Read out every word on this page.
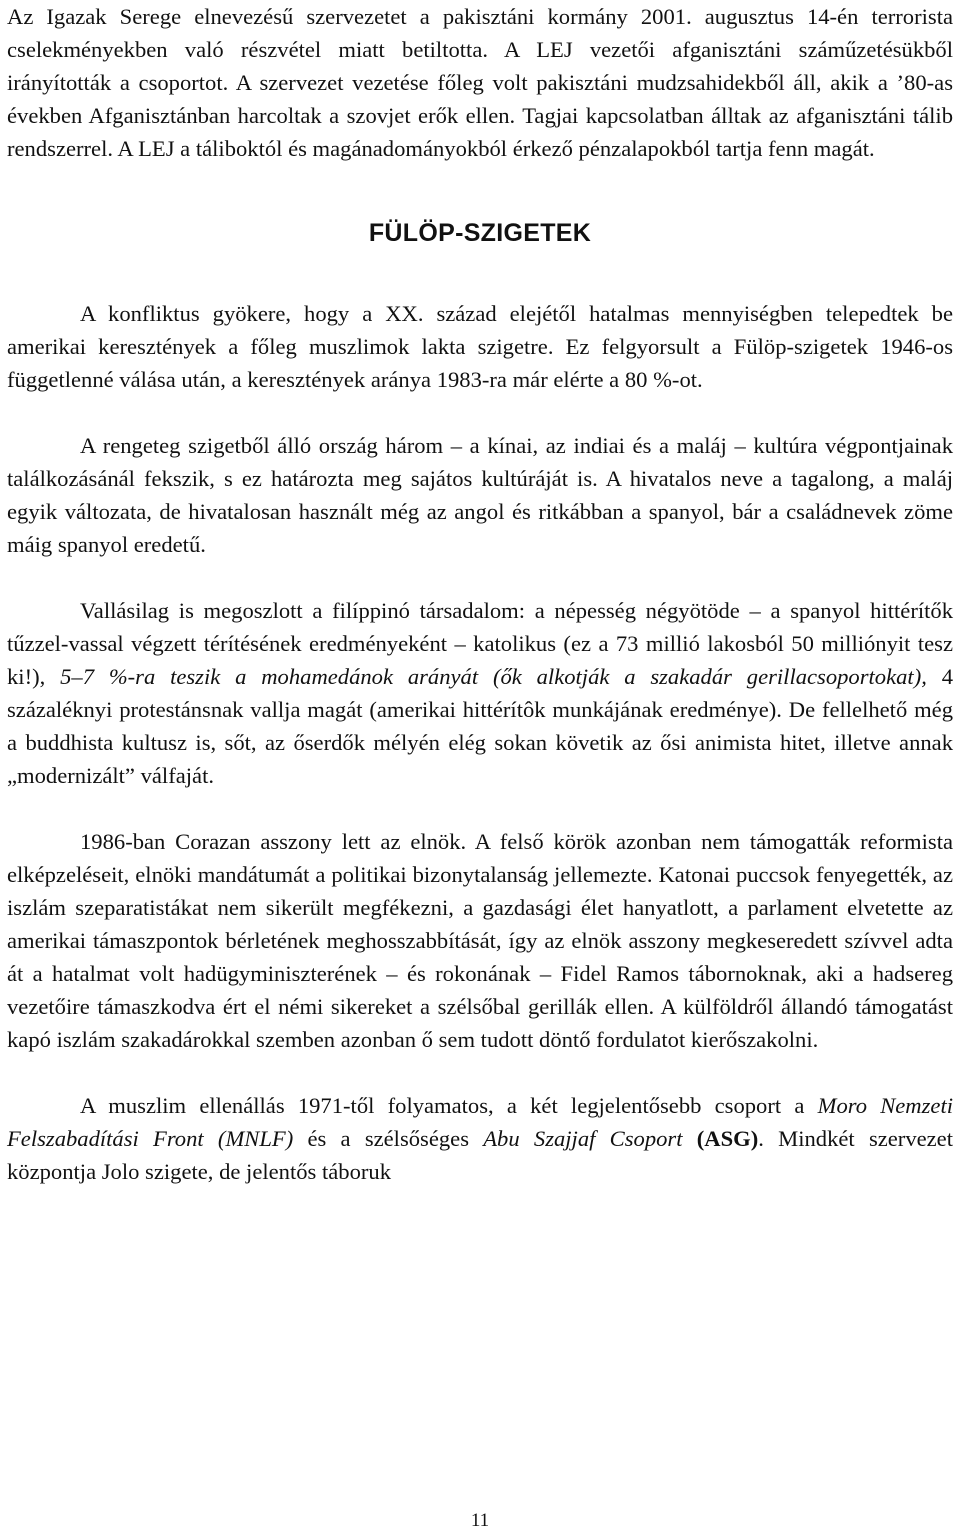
Az Igazak Serege elnevezésű szervezetet a pakisztáni kormány 2001. augusztus 14-én terrorista cselekményekben való részvétel miatt betiltotta. A LEJ vezetői afganisztáni száműzetésükből irányították a csoportot. A szervezet vezetése főleg volt pakisztáni mudzsahidekből áll, akik a ’80-as években Afganisztánban harcoltak a szovjet erők ellen. Tagjai kapcsolatban álltak az afganisztáni tálib rendszerrel. A LEJ a táliboktól és magánadományokból érkező pénzalapokból tartja fenn magát.

FÜLÖP-SZIGETEK

A konfliktus gyökere, hogy a XX. század elejétől hatalmas mennyiségben telepedtek be amerikai keresztények a főleg muszlimok lakta szigetre. Ez felgyorsult a Fülöp-szigetek 1946-os függetlenné válása után, a keresztények aránya 1983-ra már elérte a 80 %-ot.

A rengeteg szigetből álló ország három – a kínai, az indiai és a maláj – kultúra végpontjainak találkozásánál fekszik, s ez határozta meg sajátos kultúráját is. A hivatalos neve a tagalong, a maláj egyik változata, de hivatalosan használt még az angol és ritkábban a spanyol, bár a családnevek zöme máig spanyol eredetű.

Vallásilag is megoszlott a filíppinó társadalom: a népesség négyötöde – a spanyol hittérítők tűzzel-vassal végzett térítésének eredményeként – katolikus (ez a 73 millió lakosból 50 milliónyit tesz ki!), 5–7 %-ra teszik a mohamedánok arányát (ők alkotják a szakadár gerillacsoportokat), 4 százaléknyi protestánsnak vallja magát (amerikai hittérítôk munkájának eredménye). De fellelhető még a buddhista kultusz is, sőt, az őserdők mélyén elég sokan követik az ősi animista hitet, illetve annak „modernizált” válfaját.

1986-ban Corazan asszony lett az elnök. A felső körök azonban nem támogatták reformista elképzeléseit, elnöki mandátumát a politikai bizonytalanság jellemezte. Katonai puccsok fenyegették, az iszlám szeparatistákat nem sikerült megfékezni, a gazdasági élet hanyatlott, a parlament elvetette az amerikai támaszpontok bérletének meghosszabbítását, így az elnök asszony megkeseredett szívvel adta át a hatalmat volt hadügyminiszterének – és rokonának – Fidel Ramos tábornoknak, aki a hadsereg vezetőire támaszkodva ért el némi sikereket a szélsőbal gerillák ellen. A külföldről állandó támogatást kapó iszlám szakadárokkal szemben azonban ő sem tudott döntő fordulatot kierőszakolni.

A muszlim ellenállás 1971-től folyamatos, a két legjelentősebb csoport a Moro Nemzeti Felszabadítási Front (MNLF) és a szélsőséges Abu Szajjaf Csoport (ASG). Mindkét szervezet központja Jolo szigete, de jelentős táboruk

11
